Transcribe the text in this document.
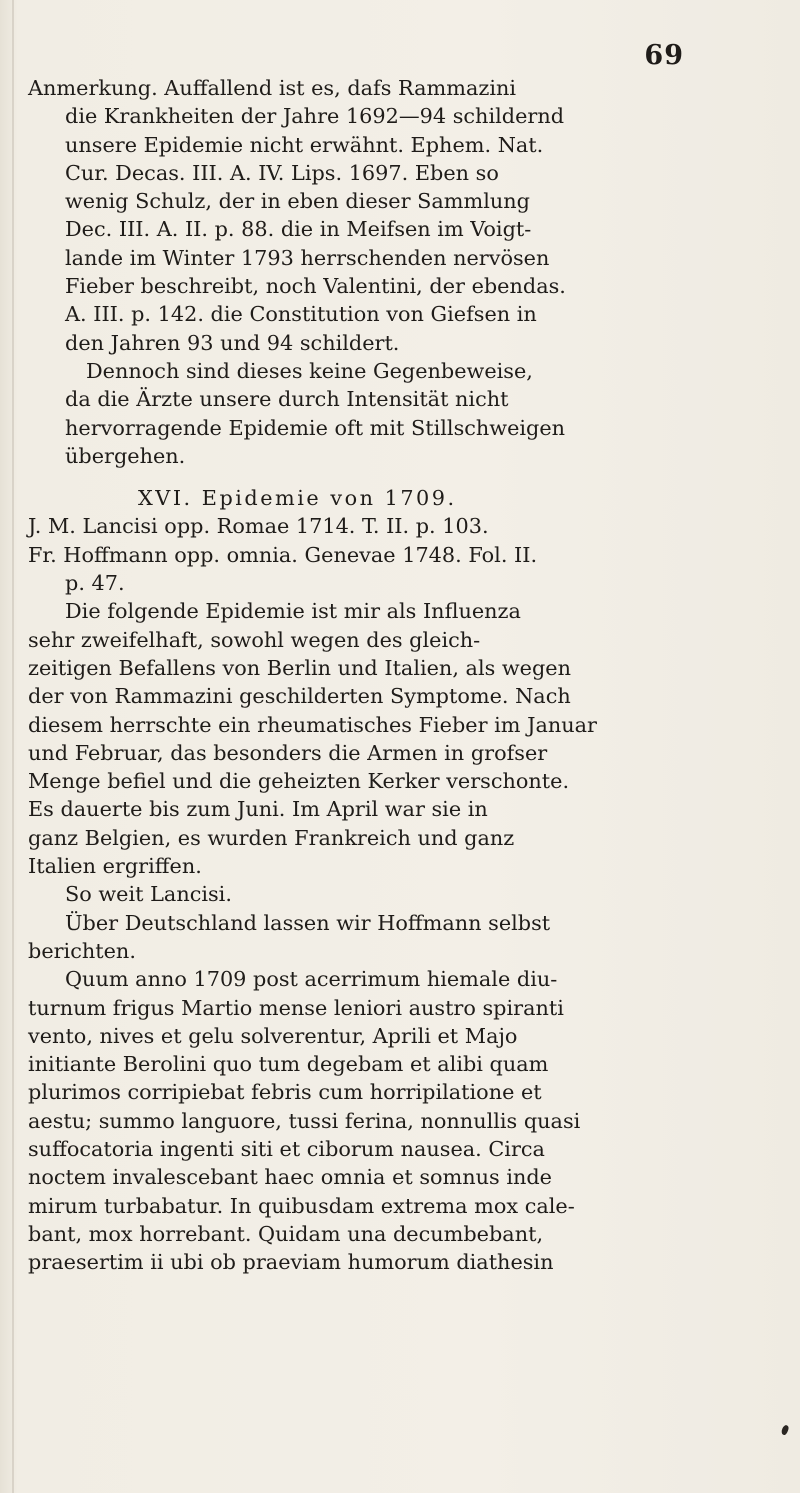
69
Anmerkung. Auffallend ist es, dafs Rammazini
die Krankheiten der Jahre 1692—94 schildernd
unsere Epidemie nicht erwähnt. Ephem. Nat.
Cur. Decas. III. A. IV. Lips. 1697. Eben so
wenig Schulz, der in eben dieser Sammlung
Dec. III. A. II. p. 88. die in Meifsen im Voigt-
lande im Winter 1793 herrschenden nervösen
Fieber beschreibt, noch Valentini, der ebendas.
A. III. p. 142. die Constitution von Giefsen in
den Jahren 93 und 94 schildert.
Dennoch sind dieses keine Gegenbeweise,
da die Ärzte unsere durch Intensität nicht
hervorragende Epidemie oft mit Stillschweigen
übergehen.
XVI. Epidemie von 1709.
J. M. Lancisi opp. Romae 1714. T. II. p. 103.
Fr. Hoffmann opp. omnia. Genevae 1748. Fol. II.
p. 47.
Die folgende Epidemie ist mir als Influenza
sehr zweifelhaft, sowohl wegen des gleich-
zeitigen Befallens von Berlin und Italien, als wegen
der von Rammazini geschilderten Symptome. Nach
diesem herrschte ein rheumatisches Fieber im Januar
und Februar, das besonders die Armen in grofser
Menge befiel und die geheizten Kerker verschonte.
Es dauerte bis zum Juni. Im April war sie in
ganz Belgien, es wurden Frankreich und ganz
Italien ergriffen.
So weit Lancisi.
Über Deutschland lassen wir Hoffmann selbst
berichten.
Quum anno 1709 post acerrimum hiemale diu-
turnum frigus Martio mense leniori austro spiranti
vento, nives et gelu solverentur, Aprili et Majo
initiante Berolini quo tum degebam et alibi quam
plurimos corripiebat febris cum horripilatione et
aestu; summo languore, tussi ferina, nonnullis quasi
suffocatoria ingenti siti et ciborum nausea. Circa
noctem invalescebant haec omnia et somnus inde
mirum turbabatur. In quibusdam extrema mox cale-
bant, mox horrebant. Quidam una decumbebant,
praesertim ii ubi ob praeviam humorum diathesin
